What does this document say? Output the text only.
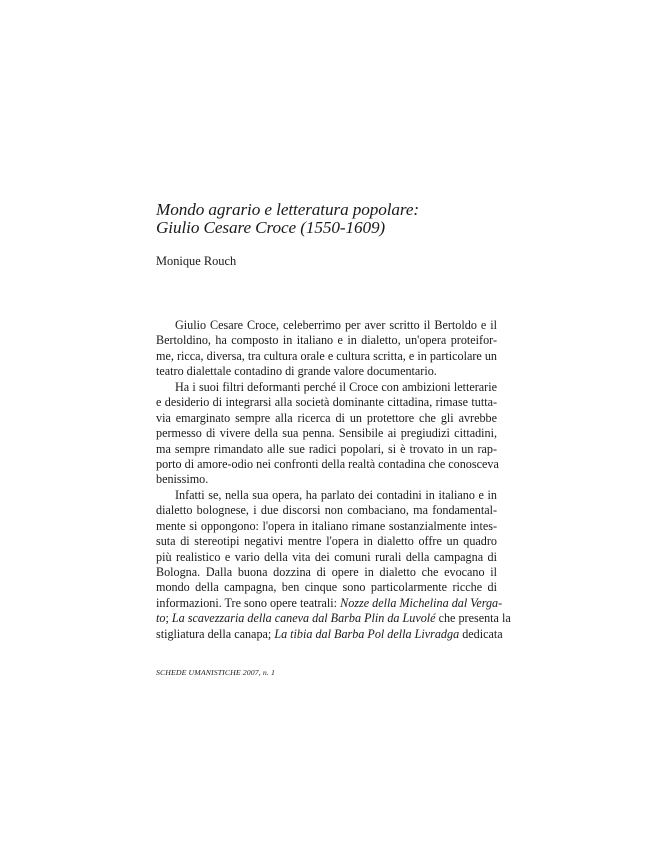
Mondo agrario e letteratura popolare:
Giulio Cesare Croce (1550-1609)
Monique Rouch
Giulio Cesare Croce, celeberrimo per aver scritto il Bertoldo e il
Bertoldino, ha composto in italiano e in dialetto, un'opera proteifor-
me, ricca, diversa, tra cultura orale e cultura scritta, e in particolare un
teatro dialettale contadino di grande valore documentario.
Ha i suoi filtri deformanti perché il Croce con ambizioni letterarie
e desiderio di integrarsi alla società dominante cittadina, rimase tutta-
via emarginato sempre alla ricerca di un protettore che gli avrebbe
permesso di vivere della sua penna. Sensibile ai pregiudizi cittadini,
ma sempre rimandato alle sue radici popolari, si è trovato in un rap-
porto di amore-odio nei confronti della realtà contadina che conosceva
benissimo.
Infatti se, nella sua opera, ha parlato dei contadini in italiano e in
dialetto bolognese, i due discorsi non combaciano, ma fondamental-
mente si oppongono: l'opera in italiano rimane sostanzialmente intes-
suta di stereotipi negativi mentre l'opera in dialetto offre un quadro
più realistico e vario della vita dei comuni rurali della campagna di
Bologna. Dalla buona dozzina di opere in dialetto che evocano il
mondo della campagna, ben cinque sono particolarmente ricche di
informazioni. Tre sono opere teatrali: Nozze della Michelina dal Verga-
to; La scavezzaria della caneva dal Barba Plin da Luvolé che presenta la
stigliatura della canapa; La tibia dal Barba Pol della Livradga dedicata
SCHEDE UMANISTICHE 2007, n. 1
